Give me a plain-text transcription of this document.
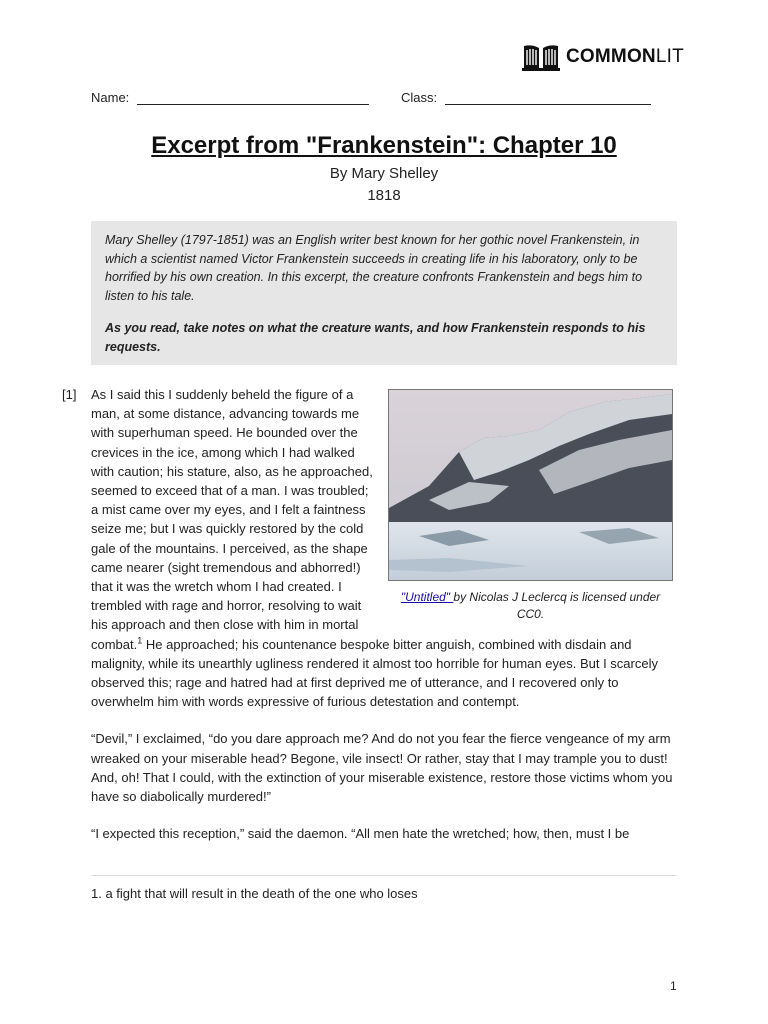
COMMONLIT
Name:	Class:
Excerpt from "Frankenstein": Chapter 10
By Mary Shelley
1818

Mary Shelley (1797-1851) was an English writer best known for her gothic novel Frankenstein, in which a scientist named Victor Frankenstein succeeds in creating life in his laboratory, only to be horrified by his own creation. In this excerpt, the creature confronts Frankenstein and begs him to listen to his tale.

As you read, take notes on what the creature wants, and how Frankenstein responds to his requests.

[1]
"Untitled" by Nicolas J Leclercq is licensed under CC0.

As I said this I suddenly beheld the figure of a man, at some distance, advancing towards me with superhuman speed. He bounded over the crevices in the ice, among which I had walked with caution; his stature, also, as he approached, seemed to exceed that of a man. I was troubled; a mist came over my eyes, and I felt a faintness seize me; but I was quickly restored by the cold gale of the mountains. I perceived, as the shape came nearer (sight tremendous and abhorred!) that it was the wretch whom I had created. I trembled with rage and horror, resolving to wait his approach and then close with him in mortal combat.$^1$ He approached; his countenance bespoke bitter anguish, combined with disdain and malignity, while its unearthly ugliness rendered it almost too horrible for human eyes. But I scarcely observed this; rage and hatred had at first deprived me of utterance, and I recovered only to overwhelm him with words expressive of furious detestation and contempt.

“Devil,” I exclaimed, “do you dare approach me? And do not you fear the fierce vengeance of my arm wreaked on your miserable head? Begone, vile insect! Or rather, stay that I may trample you to dust! And, oh! That I could, with the extinction of your miserable existence, restore those victims whom you have so diabolically murdered!”

“I expected this reception,” said the daemon. “All men hate the wretched; how, then, must I be

1. a fight that will result in the death of the one who loses
1
